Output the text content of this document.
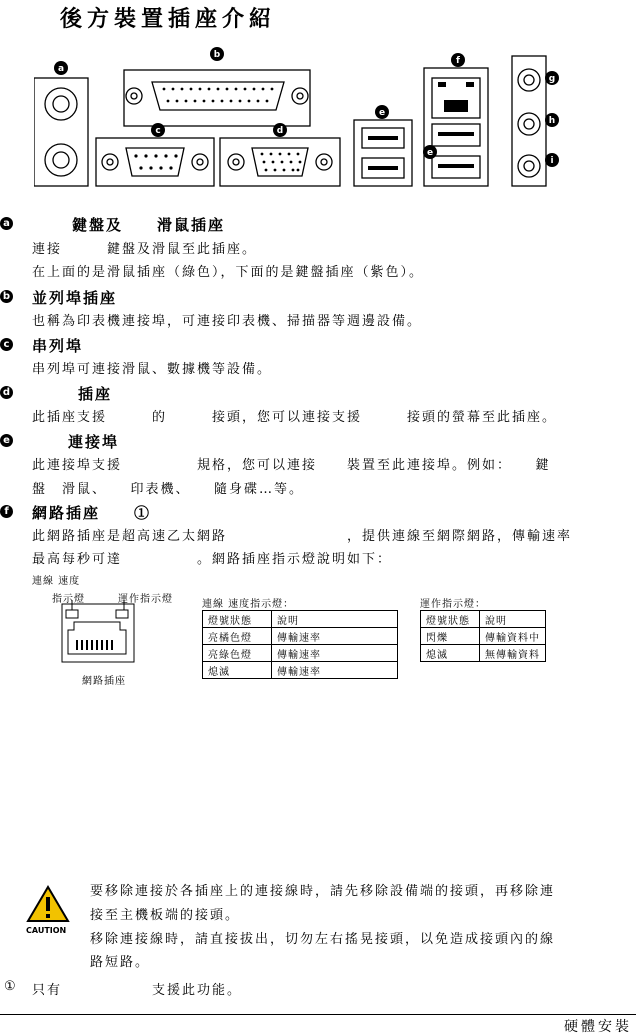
後方裝置插座介紹
a
b
c	d
e
f
g
h
i
e
a	鍵盤及　　滑鼠插座
連接　　　鍵盤及滑鼠至此插座。
在上面的是滑鼠插座（綠色），下面的是鍵盤插座（紫色）。
b 並列埠插座
也稱為印表機連接埠，可連接印表機、掃描器等週邊設備。
c 串列埠
串列埠可連接滑鼠、數據機等設備。
d	插座
此插座支援　　　的　　　接頭，您可以連接支援　　　接頭的螢幕至此插座。
e	連接埠
此連接埠支援　　　　　規格，您可以連接　　裝置至此連接埠。例如：　　鍵
盤　滑鼠、　　印表機、　　隨身碟…等。
f 網路插座　　①
此網路插座是超高速乙太網路　　　　　　　　，提供連線至網際網路，傳輸速率
最高每秒可達　　　　　。網路插座指示燈說明如下：
連線 速度
指示燈	運作指示燈
網路插座
連線 速度指示燈：
燈號狀態	說明
亮橘色燈	傳輸速率
亮綠色燈	傳輸速率
熄滅	傳輸速率
運作指示燈：
燈號狀態	說明
閃爍	傳輸資料中
熄滅	無傳輸資料
CAUTION
要移除連接於各插座上的連接線時，請先移除設備端的接頭，再移除連
接至主機板端的接頭。
移除連接線時，請直接拔出，切勿左右搖晃接頭，以免造成接頭內的線
路短路。
① 只有　　　　　　支援此功能。
硬體安裝
